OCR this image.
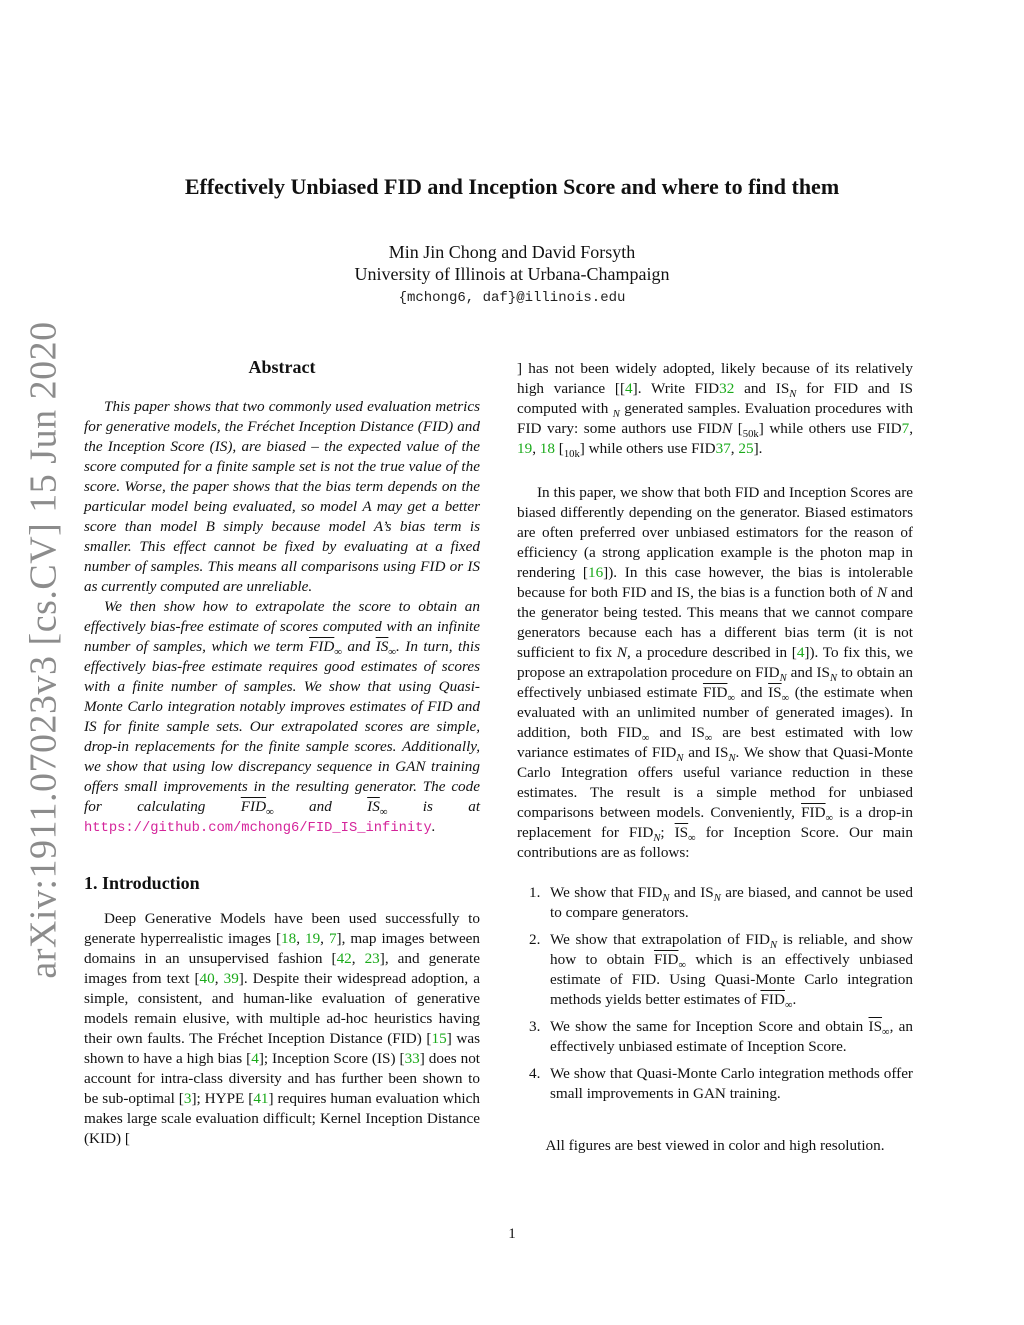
arXiv:1911.07023v3 [cs.CV] 15 Jun 2020
Effectively Unbiased FID and Inception Score and where to find them
Min Jin Chong and David Forsyth
University of Illinois at Urbana-Champaign
{mchong6, daf}@illinois.edu
Abstract

This paper shows that two commonly used evaluation metrics for generative models, the Fréchet Inception Distance (FID) and the Inception Score (IS), are biased – the expected value of the score computed for a finite sample set is not the true value of the score. Worse, the paper shows that the bias term depends on the particular model being evaluated, so model A may get a better score than model B simply because model A’s bias term is smaller. This effect cannot be fixed by evaluating at a fixed number of samples. This means all comparisons using FID or IS as currently computed are unreliable.

We then show how to extrapolate the score to obtain an effectively bias-free estimate of scores computed with an infinite number of samples, which we term $\overline{FID}_\infty$ and $\overline{IS}_\infty$. In turn, this effectively bias-free estimate requires good estimates of scores with a finite number of samples. We show that using Quasi-Monte Carlo integration notably improves estimates of FID and IS for finite sample sets. Our extrapolated scores are simple, drop-in replacements for the finite sample scores. Additionally, we show that using low discrepancy sequence in GAN training offers small improvements in the resulting generator. The code for calculating $\overline{FID}_\infty$ and $\overline{IS}_\infty$ is at https://github.com/mchong6/FID_IS_infinity.

1. Introduction

Deep Generative Models have been used successfully to generate hyperrealistic images [18, 19, 7], map images between domains in an unsupervised fashion [42, 23], and generate images from text [40, 39]. Despite their widespread adoption, a simple, consistent, and human-like evaluation of generative models remain elusive, with multiple ad-hoc heuristics having their own faults. The Fréchet Inception Distance (FID) [15] was shown to have a high bias [4]; Inception Score (IS) [33] does not account for intra-class diversity and has further been shown to be sub-optimal [3]; HYPE [41] requires human evaluation which makes large scale evaluation difficult; Kernel Inception Distance (KID) [

] has not been widely adopted, likely because of its relatively high variance [[4]. Write FID32 and $IS_N$ for FID and IS computed with $_N$ generated samples. Evaluation procedures with FID vary: some authors use FIDN $[_{50k}]$ while others use FID7, 19, 18 $[_{10k}]$ while others use FID37, 25].

In this paper, we show that both FID and Inception Scores are biased differently depending on the generator. Biased estimators are often preferred over unbiased estimators for the reason of efficiency (a strong application example is the photon map in rendering [16]). In this case however, the bias is intolerable because for both FID and IS, the bias is a function both of N and the generator being tested. This means that we cannot compare generators because each has a different bias term (it is not sufficient to fix N, a procedure described in [4]). To fix this, we propose an extrapolation procedure on $FID_N$ and $IS_N$ to obtain an effectively unbiased estimate $\overline{FID}_\infty$ and $\overline{IS}_\infty$ (the estimate when evaluated with an unlimited number of generated images). In addition, both $FID_\infty$ and $IS_\infty$ are best estimated with low variance estimates of $FID_N$ and $IS_N$. We show that Quasi-Monte Carlo Integration offers useful variance reduction in these estimates. The result is a simple method for unbiased comparisons between models. Conveniently, $\overline{FID}_\infty$ is a drop-in replacement for $FID_N$; $\overline{IS}_\infty$ for Inception Score. Our main contributions are as follows:

1. We show that $FID_N$ and $IS_N$ are biased, and cannot be used to compare generators.
2. We show that extrapolation of $FID_N$ is reliable, and show how to obtain $\overline{FID}_\infty$ which is an effectively unbiased estimate of FID. Using Quasi-Monte Carlo integration methods yields better estimates of $\overline{FID}_\infty$.
3. We show the same for Inception Score and obtain $\overline{IS}_\infty$, an effectively unbiased estimate of Inception Score.
4. We show that Quasi-Monte Carlo integration methods offer small improvements in GAN training.
All figures are best viewed in color and high resolution.
1
